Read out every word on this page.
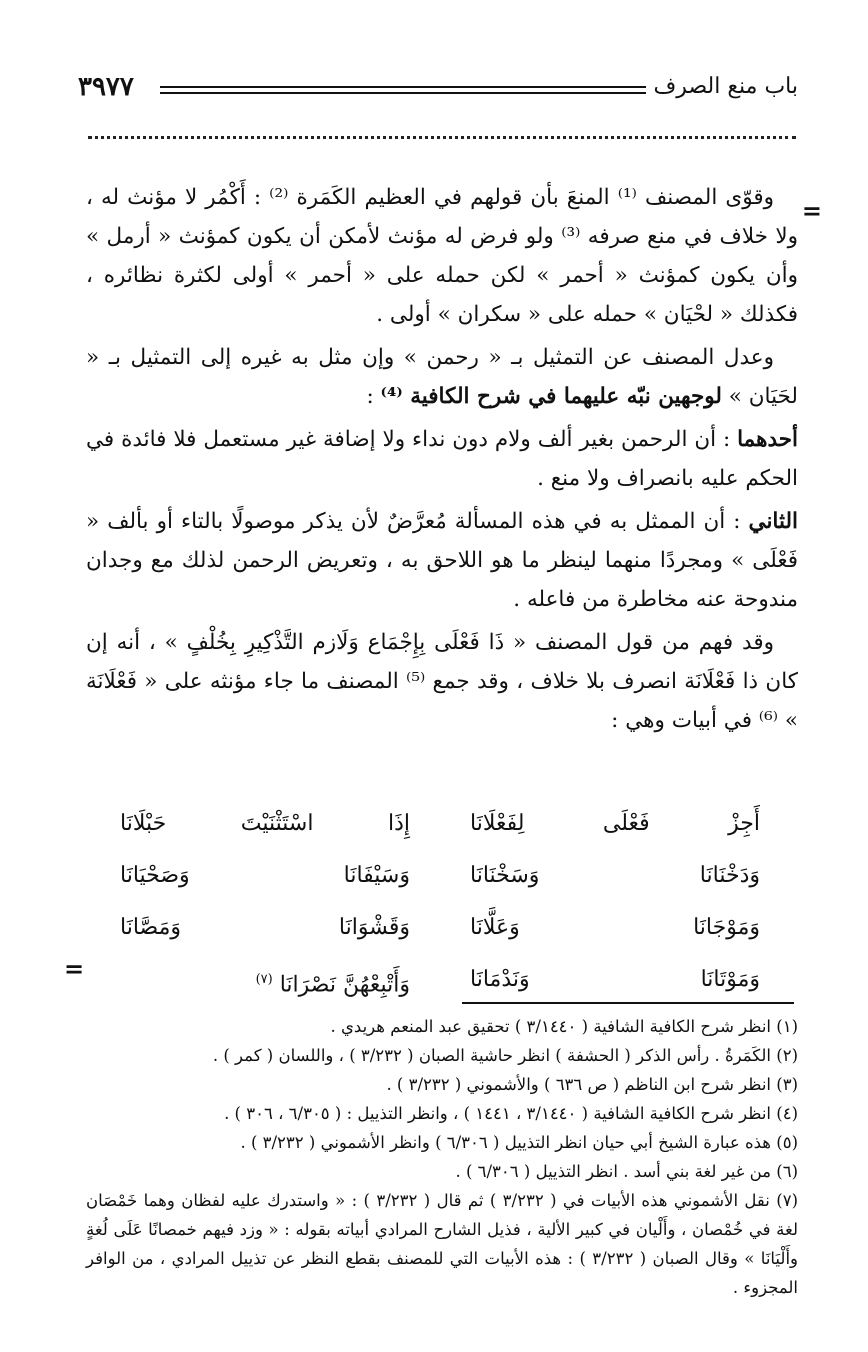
باب منع الصرف
٣٩٧٧
=
=

وقوّى المصنف ⁽¹⁾ المنعَ بأن قولهم في العظيم الكَمَرة ⁽²⁾ : أَكْمُر لا مؤنث له ، ولا خلاف في منع صرفه ⁽³⁾ ولو فرض له مؤنث لأمكن أن يكون كمؤنث « أرمل » وأن يكون كمؤنث « أحمر » لكن حمله على « أحمر » أولى لكثرة نظائره ، فكذلك « لحْيَان » حمله على « سكران » أولى .

وعدل المصنف عن التمثيل بـ « رحمن » وإن مثل به غيره إلى التمثيل بـ « لحَيَان » لوجهين نبّه عليهما في شرح الكافية ⁽⁴⁾ :

أحدهما : أن الرحمن بغير ألف ولام دون نداء ولا إضافة غير مستعمل فلا فائدة في الحكم عليه بانصراف ولا منع .

الثاني : أن الممثل به في هذه المسألة مُعرَّضٌ لأن يذكر موصولًا بالتاء أو بألف « فَعْلَى » ومجردًا منهما لينظر ما هو اللاحق به ، وتعريض الرحمن لذلك مع وجدان مندوحة عنه مخاطرة من فاعله .

وقد فهم من قول المصنف « ذَا فَعْلَى بِإِجْمَاع وَلَازم التَّذْكِيرِ بِخُلْفٍ » ، أنه إن كان ذا فَعْلَانَة انصرف بلا خلاف ، وقد جمع ⁽⁵⁾ المصنف ما جاء مؤنثه على « فَعْلَانَة » ⁽⁶⁾ في أبيات وهي :

أَجِزْ فَعْلَى لِفَعْلَانَا
إِذَا اسْتَثْنَيْتَ حَبْلَانَا
وَدَخْنَانَا وَسَخْنَانَا
وَسَيْفَانَا وَصَحْيَانَا
وَمَوْجَانَا وَعَلَّانَا
وَقَشْوَانَا وَمَصَّانَا
وَمَوْتَانَا وَنَدْمَانَا
وَأَتْبِعْهُنَّ نَصْرَانَا $^{(٧)}$

(١) انظر شرح الكافية الشافية ( ٣/١٤٤٠ ) تحقيق عبد المنعم هريدي .

(٢) الكَمَرةُ . رأس الذكر ( الحشفة ) انظر حاشية الصبان ( ٣/٢٣٢ ) ، واللسان ( كمر ) .

(٣) انظر شرح ابن الناظم ( ص ٦٣٦ ) والأشموني ( ٣/٢٣٢ ) .

(٤) انظر شرح الكافية الشافية ( ٣/١٤٤٠ ، ١٤٤١ ) ، وانظر التذييل : ( ٦/٣٠٥ ، ٣٠٦ ) .

(٥) هذه عبارة الشيخ أبي حيان انظر التذييل ( ٦/٣٠٦ ) وانظر الأشموني ( ٣/٢٣٢ ) .

(٦) من غير لغة بني أسد . انظر التذييل ( ٦/٣٠٦ ) .

(٧) نقل الأشموني هذه الأبيات في ( ٣/٢٣٢ ) ثم قال ( ٣/٢٣٢ ) : « واستدرك عليه لفظان وهما خَمْصَان لغة في خُمْصان ، وأَلْيان في كبير الألية ، فذيل الشارح المرادي أبياته بقوله : « وزد فيهم خمصانًا عَلَى لُغةٍ وأَلْيَانَا » وقال الصبان ( ٣/٢٣٢ ) : هذه الأبيات التي للمصنف بقطع النظر عن تذييل المرادي ، من الوافر المجزوء .
